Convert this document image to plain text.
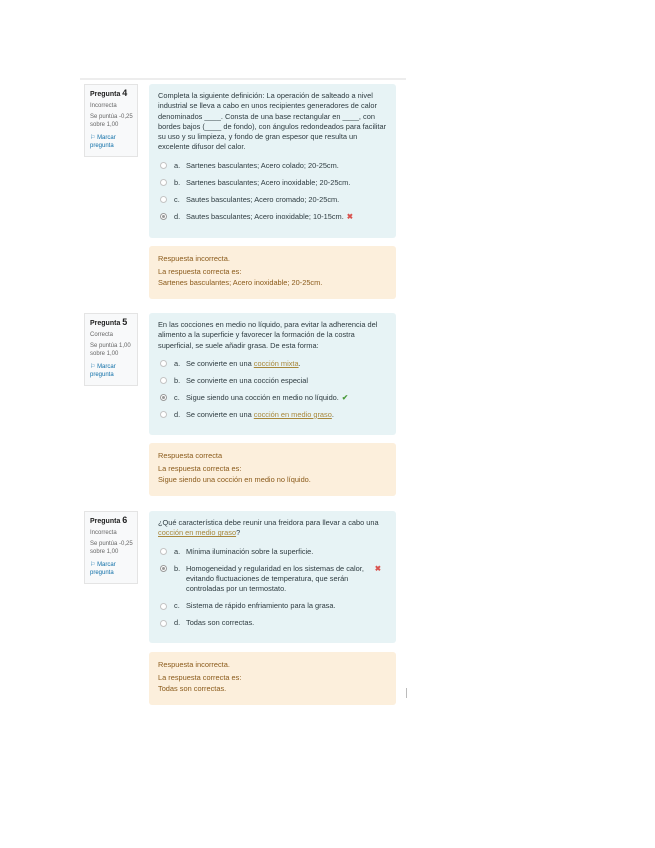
Pregunta 4
Incorrecta
Se puntúa -0,25 sobre 1,00
⚐ Marcar pregunta
Completa la siguiente definición: La operación de salteado a nivel industrial se lleva a cabo en unos recipientes generadores de calor denominados ____. Consta de una base rectangular en ____, con bordes bajos (____ de fondo), con ángulos redondeados para facilitar su uso y su limpieza, y fondo de gran espesor que resulta un excelente difusor del calor.
a. Sartenes basculantes; Acero colado; 20-25cm.
b. Sartenes basculantes; Acero inoxidable; 20-25cm.
c. Sautes basculantes; Acero cromado; 20-25cm.
d. Sautes basculantes; Acero inoxidable; 10-15cm. ✖
Respuesta incorrecta.
La respuesta correcta es:
Sartenes basculantes; Acero inoxidable; 20-25cm.
Pregunta 5
Correcta
Se puntúa 1,00 sobre 1,00
⚐ Marcar pregunta
En las cocciones en medio no líquido, para evitar la adherencia del alimento a la superficie y favorecer la formación de la costra superficial, se suele añadir grasa. De esta forma:
a. Se convierte en una cocción mixta.
b. Se convierte en una cocción especial
c. Sigue siendo una cocción en medio no líquido. ✔
d. Se convierte en una cocción en medio graso.
Respuesta correcta
La respuesta correcta es:
Sigue siendo una cocción en medio no líquido.
Pregunta 6
Incorrecta
Se puntúa -0,25 sobre 1,00
⚐ Marcar pregunta
¿Qué característica debe reunir una freidora para llevar a cabo una cocción en medio graso?
a. Mínima iluminación sobre la superficie.
b. Homogeneidad y regularidad en los sistemas de calor, evitando fluctuaciones de temperatura, que serán controladas por un termostato.
✖
c. Sistema de rápido enfriamiento para la grasa.
d. Todas son correctas.
Respuesta incorrecta.
La respuesta correcta es:
Todas son correctas.
